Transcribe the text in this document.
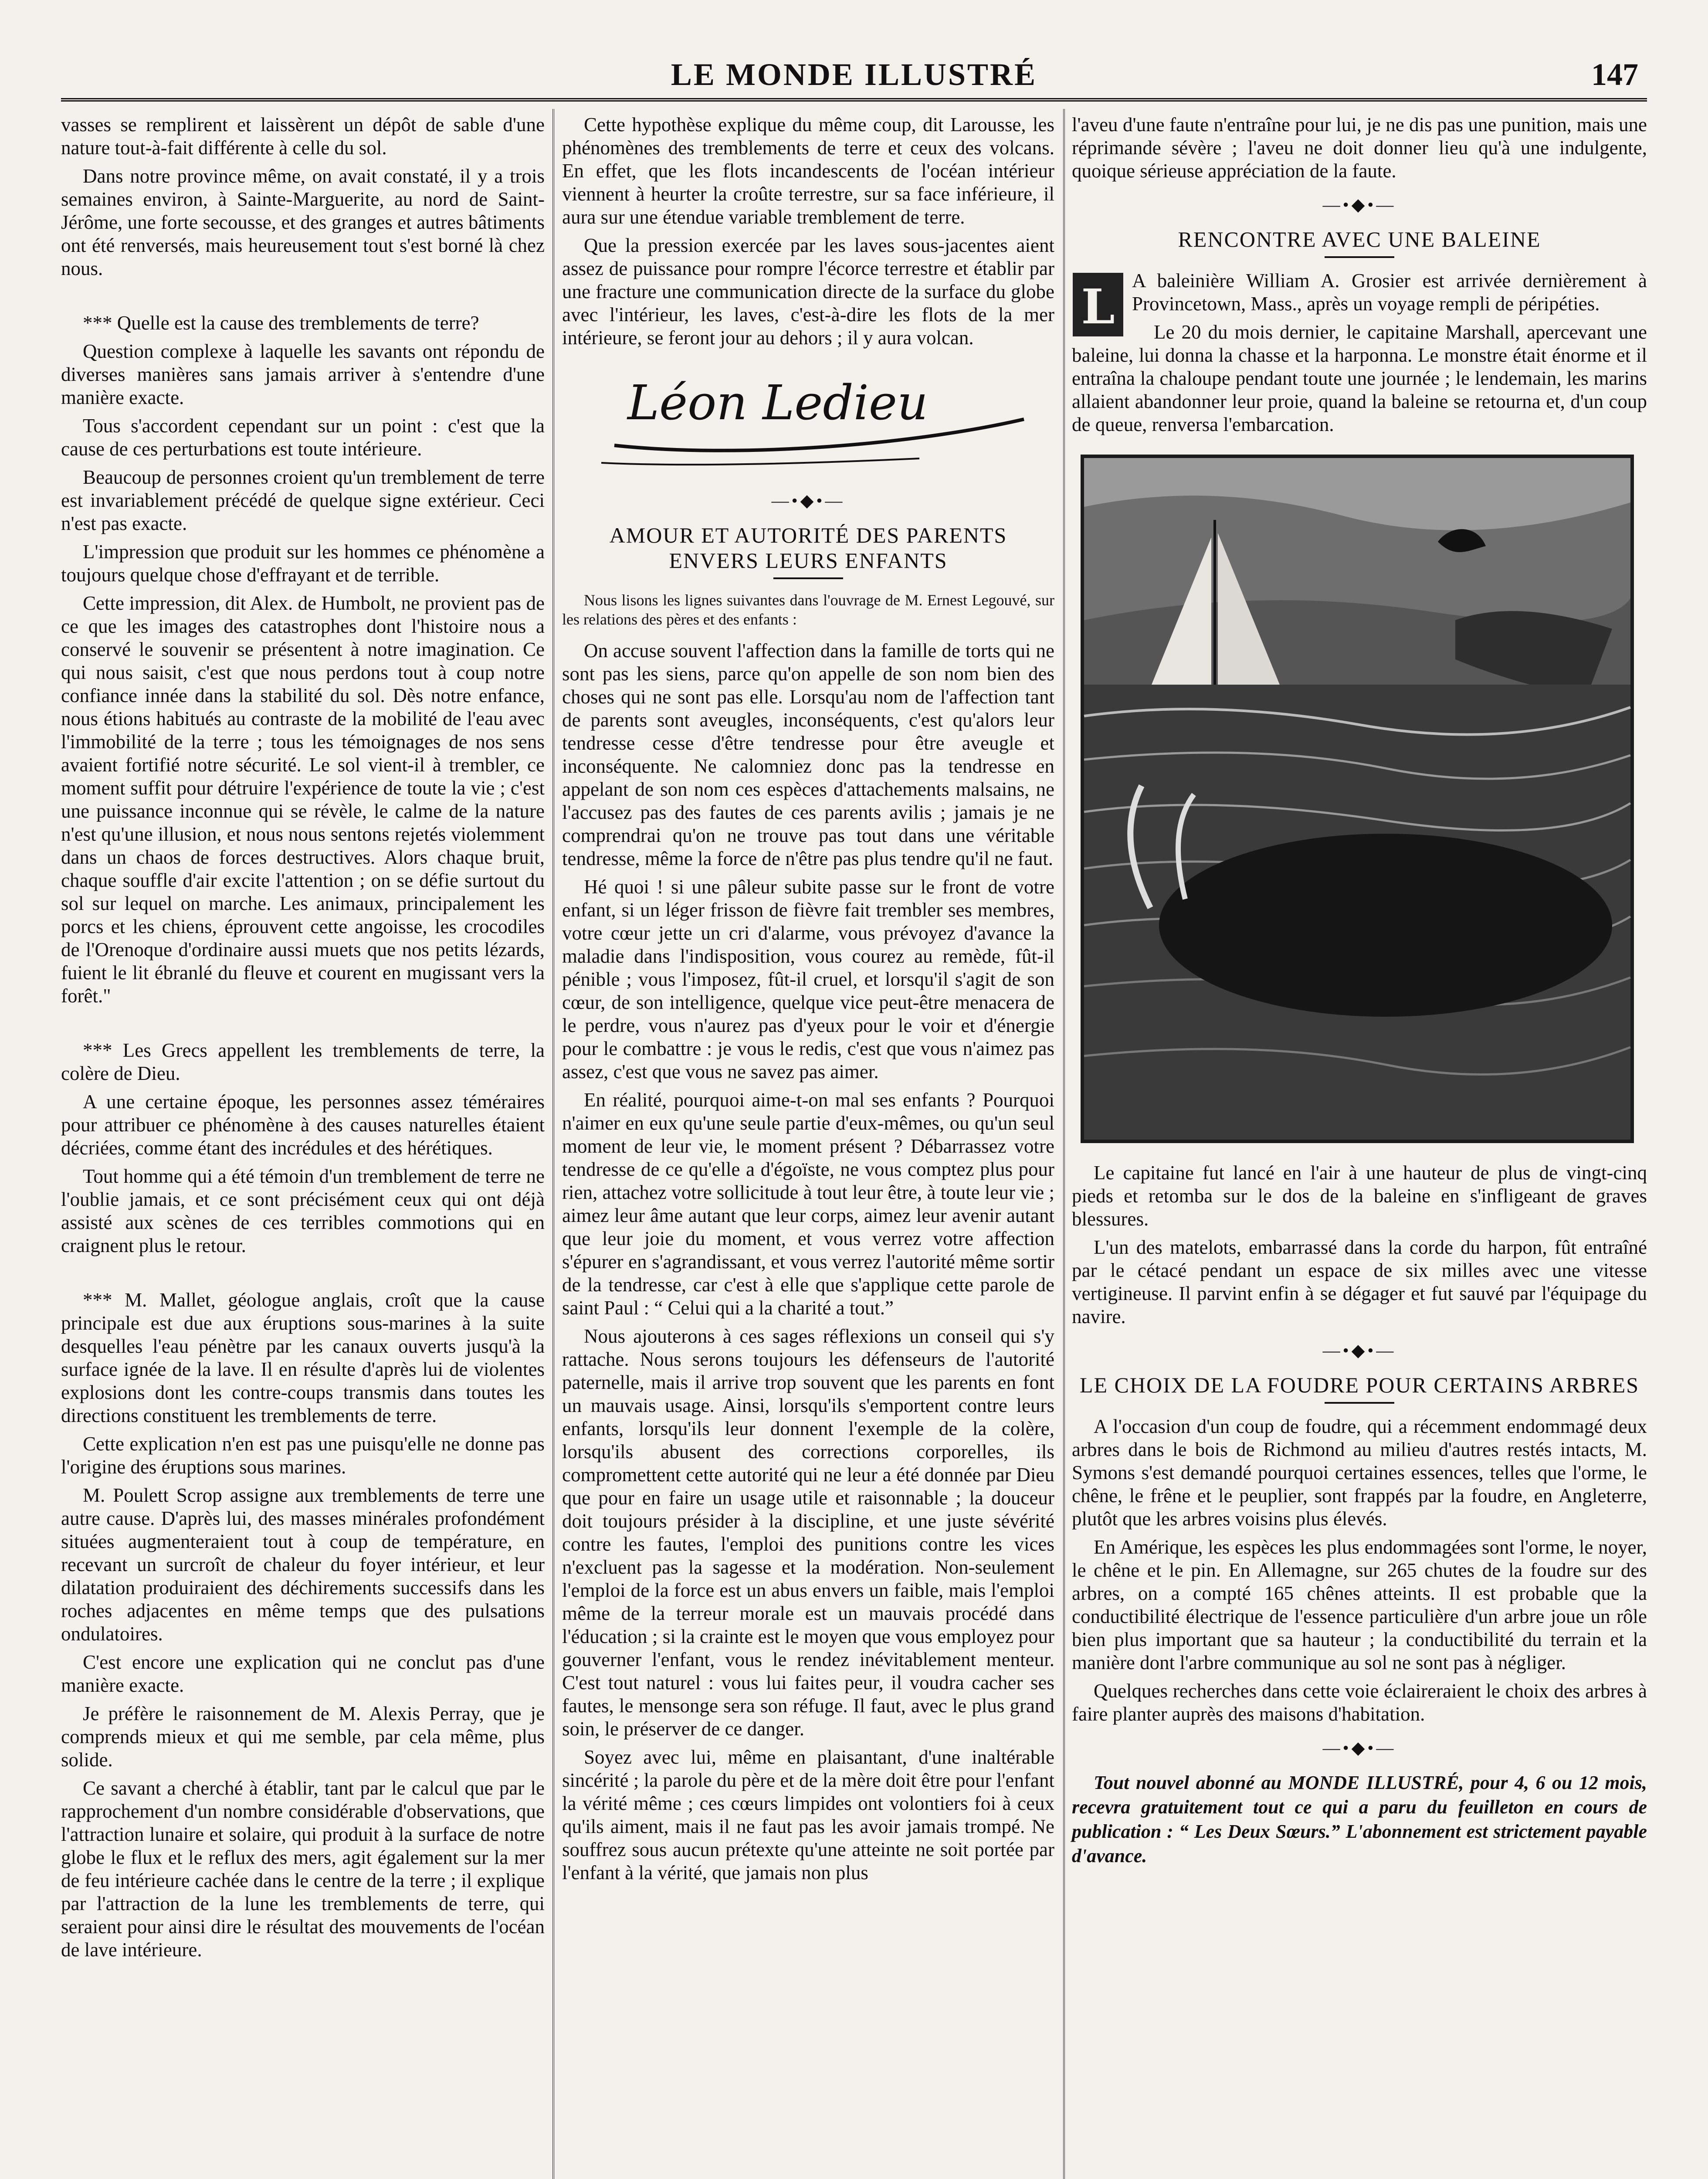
LE MONDE ILLUSTRÉ	147

vasses se remplirent et laissèrent un dépôt de sable d'une nature tout-à-fait différente à celle du sol.

Dans notre province même, on avait constaté, il y a trois semaines environ, à Sainte-Marguerite, au nord de Saint-Jérôme, une forte secousse, et des granges et autres bâtiments ont été renversés, mais heureusement tout s'est borné là chez nous.

*** Quelle est la cause des tremblements de terre?

Question complexe à laquelle les savants ont répondu de diverses manières sans jamais arriver à s'entendre d'une manière exacte.

Tous s'accordent cependant sur un point : c'est que la cause de ces perturbations est toute intérieure.

Beaucoup de personnes croient qu'un tremblement de terre est invariablement précédé de quelque signe extérieur. Ceci n'est pas exacte.

L'impression que produit sur les hommes ce phénomène a toujours quelque chose d'effrayant et de terrible.

Cette impression, dit Alex. de Humbolt, ne provient pas de ce que les images des catastrophes dont l'histoire nous a conservé le souvenir se présentent à notre imagination. Ce qui nous saisit, c'est que nous perdons tout à coup notre confiance innée dans la stabilité du sol. Dès notre enfance, nous étions habitués au contraste de la mobilité de l'eau avec l'immobilité de la terre ; tous les témoignages de nos sens avaient fortifié notre sécurité. Le sol vient-il à trembler, ce moment suffit pour détruire l'expérience de toute la vie ; c'est une puissance inconnue qui se révèle, le calme de la nature n'est qu'une illusion, et nous nous sentons rejetés violemment dans un chaos de forces destructives. Alors chaque bruit, chaque souffle d'air excite l'attention ; on se défie surtout du sol sur lequel on marche. Les animaux, principalement les porcs et les chiens, éprouvent cette angoisse, les crocodiles de l'Orenoque d'ordinaire aussi muets que nos petits lézards, fuient le lit ébranlé du fleuve et courent en mugissant vers la forêt."

*** Les Grecs appellent les tremblements de terre, la colère de Dieu.

A une certaine époque, les personnes assez téméraires pour attribuer ce phénomène à des causes naturelles étaient décriées, comme étant des incrédules et des hérétiques.

Tout homme qui a été témoin d'un tremblement de terre ne l'oublie jamais, et ce sont précisément ceux qui ont déjà assisté aux scènes de ces terribles commotions qui en craignent plus le retour.

*** M. Mallet, géologue anglais, croît que la cause principale est due aux éruptions sous-marines à la suite desquelles l'eau pénètre par les canaux ouverts jusqu'à la surface ignée de la lave. Il en résulte d'après lui de violentes explosions dont les contre-coups transmis dans toutes les directions constituent les tremblements de terre.

Cette explication n'en est pas une puisqu'elle ne donne pas l'origine des éruptions sous marines.

M. Poulett Scrop assigne aux tremblements de terre une autre cause. D'après lui, des masses minérales profondément situées augmenteraient tout à coup de température, en recevant un surcroît de chaleur du foyer intérieur, et leur dilatation produiraient des déchirements successifs dans les roches adjacentes en même temps que des pulsations ondulatoires.

C'est encore une explication qui ne conclut pas d'une manière exacte.

Je préfère le raisonnement de M. Alexis Perray, que je comprends mieux et qui me semble, par cela même, plus solide.

Ce savant a cherché à établir, tant par le calcul que par le rapprochement d'un nombre considérable d'observations, que l'attraction lunaire et solaire, qui produit à la surface de notre globe le flux et le reflux des mers, agit également sur la mer de feu intérieure cachée dans le centre de la terre ; il explique par l'attraction de la lune les tremblements de terre, qui seraient pour ainsi dire le résultat des mouvements de l'océan de lave intérieure.

Cette hypothèse explique du même coup, dit Larousse, les phénomènes des tremblements de terre et ceux des volcans. En effet, que les flots incandescents de l'océan intérieur viennent à heurter la croûte terrestre, sur sa face inférieure, il aura sur une étendue variable tremblement de terre.

Que la pression exercée par les laves sous-jacentes aient assez de puissance pour rompre l'écorce terrestre et établir par une fracture une communication directe de la surface du globe avec l'intérieur, les laves, c'est-à-dire les flots de la mer intérieure, se feront jour au dehors ; il y aura volcan.

Léon Ledieu
—•◆•—
AMOUR ET AUTORITÉ DES PARENTS ENVERS LEURS ENFANTS

Nous lisons les lignes suivantes dans l'ouvrage de M. Ernest Legouvé, sur les relations des pères et des enfants :

On accuse souvent l'affection dans la famille de torts qui ne sont pas les siens, parce qu'on appelle de son nom bien des choses qui ne sont pas elle. Lorsqu'au nom de l'affection tant de parents sont aveugles, inconséquents, c'est qu'alors leur tendresse cesse d'être tendresse pour être aveugle et inconséquente. Ne calomniez donc pas la tendresse en appelant de son nom ces espèces d'attachements malsains, ne l'accusez pas des fautes de ces parents avilis ; jamais je ne comprendrai qu'on ne trouve pas tout dans une véritable tendresse, même la force de n'être pas plus tendre qu'il ne faut.

Hé quoi ! si une pâleur subite passe sur le front de votre enfant, si un léger frisson de fièvre fait trembler ses membres, votre cœur jette un cri d'alarme, vous prévoyez d'avance la maladie dans l'indisposition, vous courez au remède, fût-il pénible ; vous l'imposez, fût-il cruel, et lorsqu'il s'agit de son cœur, de son intelligence, quelque vice peut-être menacera de le perdre, vous n'aurez pas d'yeux pour le voir et d'énergie pour le combattre : je vous le redis, c'est que vous n'aimez pas assez, c'est que vous ne savez pas aimer.

En réalité, pourquoi aime-t-on mal ses enfants ? Pourquoi n'aimer en eux qu'une seule partie d'eux-mêmes, ou qu'un seul moment de leur vie, le moment présent ? Débarrassez votre tendresse de ce qu'elle a d'égoïste, ne vous comptez plus pour rien, attachez votre sollicitude à tout leur être, à toute leur vie ; aimez leur âme autant que leur corps, aimez leur avenir autant que leur joie du moment, et vous verrez votre affection s'épurer en s'agrandissant, et vous verrez l'autorité même sortir de la tendresse, car c'est à elle que s'applique cette parole de saint Paul : “ Celui qui a la charité a tout.”

Nous ajouterons à ces sages réflexions un conseil qui s'y rattache. Nous serons toujours les défenseurs de l'autorité paternelle, mais il arrive trop souvent que les parents en font un mauvais usage. Ainsi, lorsqu'ils s'emportent contre leurs enfants, lorsqu'ils leur donnent l'exemple de la colère, lorsqu'ils abusent des corrections corporelles, ils compromettent cette autorité qui ne leur a été donnée par Dieu que pour en faire un usage utile et raisonnable ; la douceur doit toujours présider à la discipline, et une juste sévérité contre les fautes, l'emploi des punitions contre les vices n'excluent pas la sagesse et la modération. Non-seulement l'emploi de la force est un abus envers un faible, mais l'emploi même de la terreur morale est un mauvais procédé dans l'éducation ; si la crainte est le moyen que vous employez pour gouverner l'enfant, vous le rendez inévitablement menteur. C'est tout naturel : vous lui faites peur, il voudra cacher ses fautes, le mensonge sera son réfuge. Il faut, avec le plus grand soin, le préserver de ce danger.

Soyez avec lui, même en plaisantant, d'une inaltérable sincérité ; la parole du père et de la mère doit être pour l'enfant la vérité même ; ces cœurs limpides ont volontiers foi à ceux qu'ils aiment, mais il ne faut pas les avoir jamais trompé. Ne souffrez sous aucun prétexte qu'une atteinte ne soit portée par l'enfant à la vérité, que jamais non plus

l'aveu d'une faute n'entraîne pour lui, je ne dis pas une punition, mais une réprimande sévère ; l'aveu ne doit donner lieu qu'à une indulgente, quoique sérieuse appréciation de la faute.

—•◆•—
RENCONTRE AVEC UNE BALEINE
L A baleinière William A. Grosier est arrivée dernièrement à Provincetown, Mass., après un voyage rempli de péripéties.

Le 20 du mois dernier, le capitaine Marshall, apercevant une baleine, lui donna la chasse et la harponna. Le monstre était énorme et il entraîna la chaloupe pendant toute une journée ; le lendemain, les marins allaient abandonner leur proie, quand la baleine se retourna et, d'un coup de queue, renversa l'embarcation.

Le capitaine fut lancé en l'air à une hauteur de plus de vingt-cinq pieds et retomba sur le dos de la baleine en s'infligeant de graves blessures.

L'un des matelots, embarrassé dans la corde du harpon, fût entraîné par le cétacé pendant un espace de six milles avec une vitesse vertigineuse. Il parvint enfin à se dégager et fut sauvé par l'équipage du navire.

—•◆•—
LE CHOIX DE LA FOUDRE POUR CERTAINS ARBRES

A l'occasion d'un coup de foudre, qui a récemment endommagé deux arbres dans le bois de Richmond au milieu d'autres restés intacts, M. Symons s'est demandé pourquoi certaines essences, telles que l'orme, le chêne, le frêne et le peuplier, sont frappés par la foudre, en Angleterre, plutôt que les arbres voisins plus élevés.

En Amérique, les espèces les plus endommagées sont l'orme, le noyer, le chêne et le pin. En Allemagne, sur 265 chutes de la foudre sur des arbres, on a compté 165 chênes atteints. Il est probable que la conductibilité électrique de l'essence particulière d'un arbre joue un rôle bien plus important que sa hauteur ; la conductibilité du terrain et la manière dont l'arbre communique au sol ne sont pas à négliger.

Quelques recherches dans cette voie éclaireraient le choix des arbres à faire planter auprès des maisons d'habitation.

—•◆•—

Tout nouvel abonné au MONDE ILLUSTRÉ, pour 4, 6 ou 12 mois, recevra gratuitement tout ce qui a paru du feuilleton en cours de publication : “ Les Deux Sœurs.” L'abonnement est strictement payable d'avance.
